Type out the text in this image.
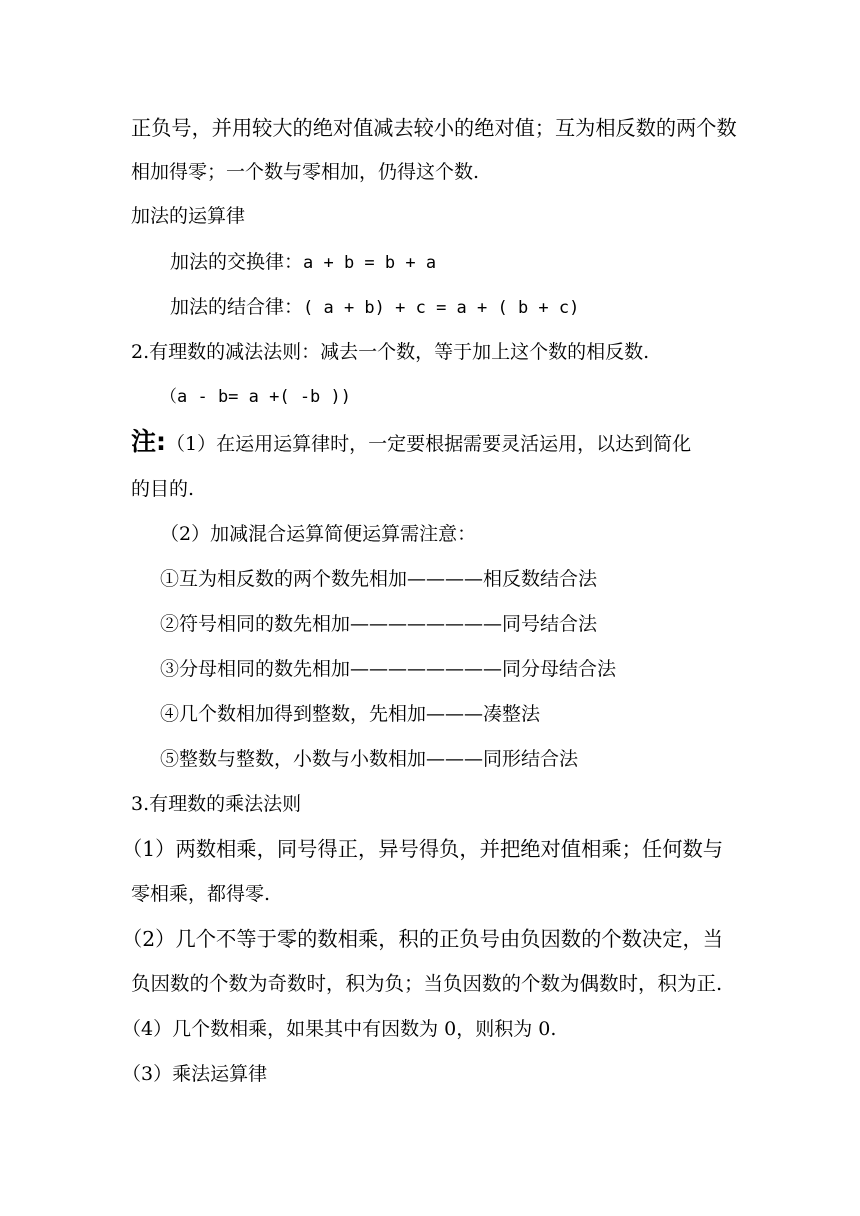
正负号，并用较大的绝对值减去较小的绝对值；互为相反数的两个数
相加得零；一个数与零相加，仍得这个数.
加法的运算律
加法的交换律：a + b = b + a
加法的结合律：( a + b) + c = a + ( b + c)
2.有理数的减法法则：减去一个数，等于加上这个数的相反数.
（a - b= a +( -b ))
注:（1）在运用运算律时，一定要根据需要灵活运用，以达到简化
的目的.
（2）加减混合运算简便运算需注意：
①互为相反数的两个数先相加————相反数结合法
②符号相同的数先相加————————同号结合法
③分母相同的数先相加————————同分母结合法
④几个数相加得到整数，先相加———凑整法
⑤整数与整数，小数与小数相加———同形结合法
3.有理数的乘法法则
（1）两数相乘，同号得正，异号得负，并把绝对值相乘；任何数与
零相乘，都得零.
（2）几个不等于零的数相乘，积的正负号由负因数的个数决定，当
负因数的个数为奇数时，积为负；当负因数的个数为偶数时，积为正.
（4）几个数相乘，如果其中有因数为 0，则积为 0.
（3）乘法运算律
